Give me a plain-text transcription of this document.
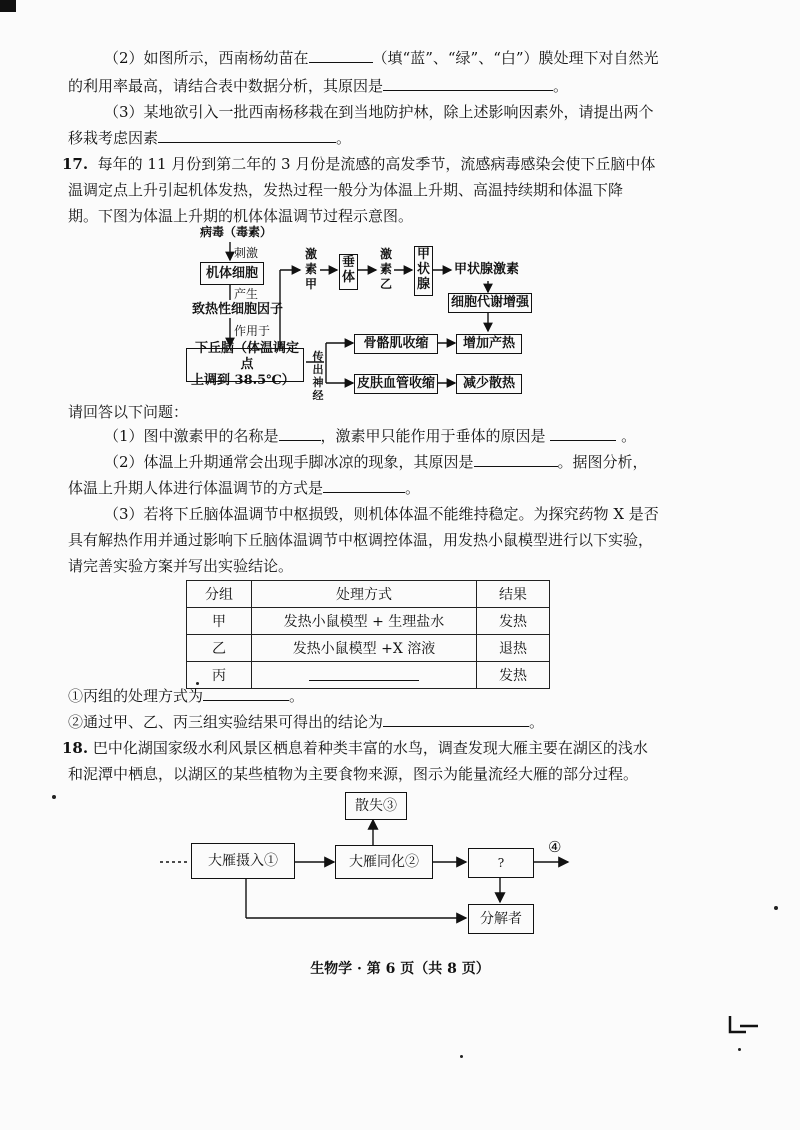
（2）如图所示，西南杨幼苗在	（填“蓝”、“绿”、“白”）膜处理下对自然光
的利用率最高，请结合表中数据分析，其原因是	。
（3）某地欲引入一批西南杨移栽在到当地防护林，除上述影响因素外，请提出两个
移栽考虑因素	。
17. 每年的 11 月份到第二年的 3 月份是流感的高发季节，流感病毒感染会使下丘脑中体
温调定点上升引起机体发热，发热过程一般分为体温上升期、高温持续期和体温下降
期。下图为体温上升期的机体体温调节过程示意图。
病毒（毒素）
刺激
机体细胞
产生
致热性细胞因子
作用于
下丘脑（体温调定点
上调到 38.5℃）
激素甲
垂体
激素乙
甲状腺
甲状腺激素
细胞代谢增强
传出神经
骨骼肌收缩
皮肤血管收缩
增加产热
减少散热
请回答以下问题：
（1）图中激素甲的名称是	，激素甲只能作用于垂体的原因是	。
（2）体温上升期通常会出现手脚冰凉的现象，其原因是	。据图分析，
体温上升期人体进行体温调节的方式是	。
（3）若将下丘脑体温调节中枢损毁，则机体体温不能维持稳定。为探究药物 X 是否
具有解热作用并通过影响下丘脑体温调节中枢调控体温，用发热小鼠模型进行以下实验，
请完善实验方案并写出实验结论。
分组	处理方式	结果
甲	发热小鼠模型 + 生理盐水	发热
乙	发热小鼠模型 +X 溶液	退热
丙		发热
①丙组的处理方式为	。
②通过甲、乙、丙三组实验结果可得出的结论为	。
18. 巴中化湖国家级水利风景区栖息着种类丰富的水鸟，调查发现大雁主要在湖区的浅水
和泥潭中栖息，以湖区的某些植物为主要食物来源，图示为能量流经大雁的部分过程。
大雁摄入①	大雁同化②
散失③
?
④
分解者
生物学 · 第 6 页（共 8 页）
